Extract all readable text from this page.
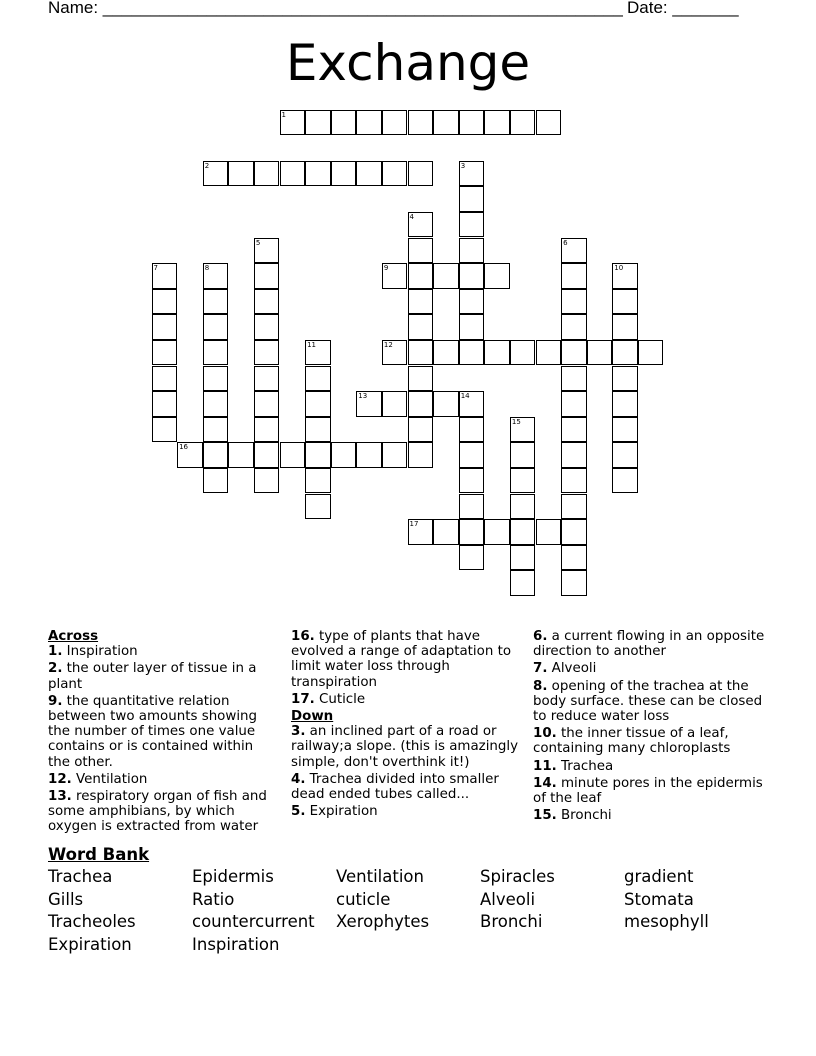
Name: _______________________________________________________ Date: _______
Exchange
1
2	3
4
5	6
7	8	9	10
11	12
13	14
15
16
17
Across
1. Inspiration
2. the outer layer of tissue in a plant
9. the quantitative relation between two amounts showing the number of times one value contains or is contained within the other.
12. Ventilation
13. respiratory organ of fish and some amphibians, by which oxygen is extracted from water
16. type of plants that have evolved a range of adaptation to limit water loss through transpiration
17. Cuticle
Down
3. an inclined part of a road or railway;a slope. (this is amazingly simple, don't overthink it!)
4. Trachea divided into smaller dead ended tubes called...
5. Expiration
6. a current flowing in an opposite direction to another
7. Alveoli
8. opening of the trachea at the body surface. these can be closed to reduce water loss
10. the inner tissue of a leaf, containing many chloroplasts
11. Trachea
14. minute pores in the epidermis of the leaf
15. Bronchi
Word Bank
Trachea	Epidermis	Ventilation	Spiracles	gradient
Gills	Ratio	cuticle	Alveoli	Stomata
Tracheoles	countercurrent	Xerophytes	Bronchi	mesophyll
Expiration	Inspiration
